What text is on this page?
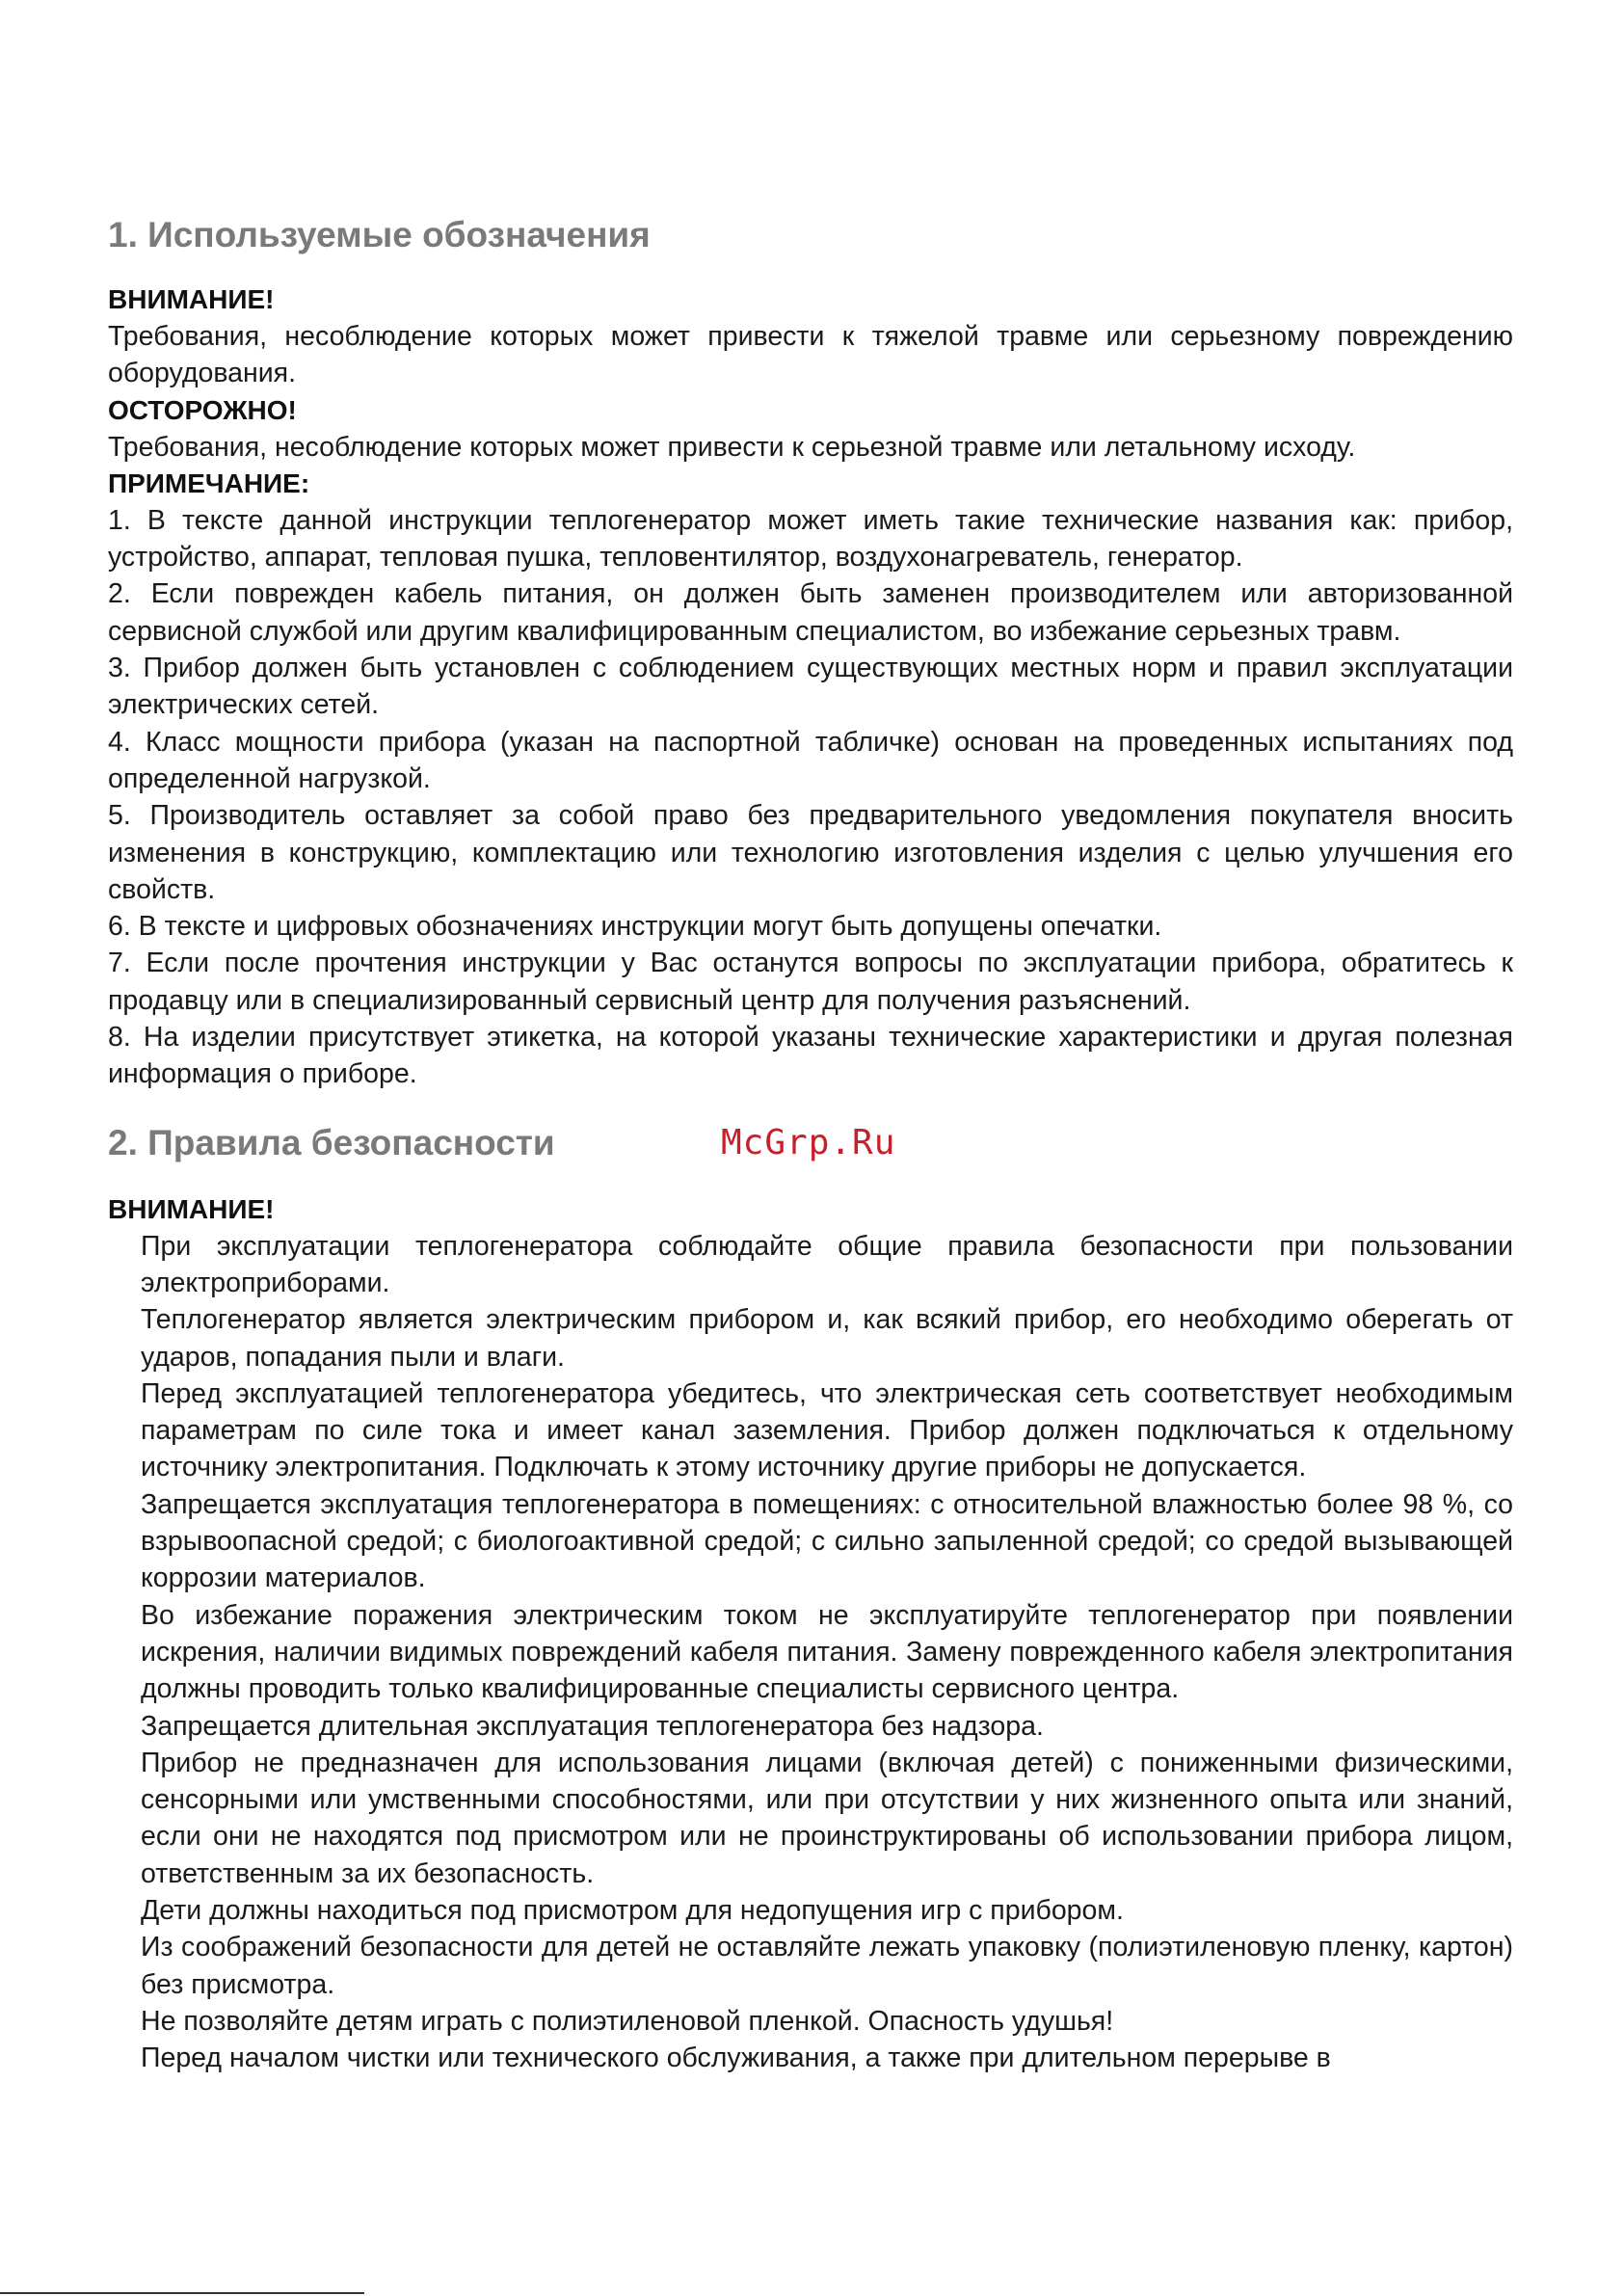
1. Используемые обозначения
ВНИМАНИЕ!

Требования, несоблюдение которых может привести к тяжелой травме или серьезному повреждению оборудования.

ОСТОРОЖНО!

Требования, несоблюдение которых может привести к серьезной травме или летальному исходу.

ПРИМЕЧАНИЕ:

1. В тексте данной инструкции теплогенератор может иметь такие технические названия как: прибор, устройство, аппарат, тепловая пушка, тепловентилятор, воздухонагреватель, генератор.

2. Если поврежден кабель питания, он должен быть заменен производителем или авторизованной сервисной службой или другим квалифицированным специалистом, во избежание серьезных травм.

3. Прибор должен быть установлен с соблюдением существующих местных норм и правил эксплуатации электрических сетей.

4. Класс мощности прибора (указан на паспортной табличке) основан на проведенных испытаниях под определенной нагрузкой.

5. Производитель оставляет за собой право без предварительного уведомления покупателя вносить изменения в конструкцию, комплектацию или технологию изготовления изделия с целью улучшения его свойств.

6. В тексте и цифровых обозначениях инструкции могут быть допущены опечатки.

7. Если после прочтения инструкции у Вас останутся вопросы по эксплуатации прибора, обратитесь к продавцу или в специализированный сервисный центр для получения разъяснений.

8. На изделии присутствует этикетка, на которой указаны технические характеристики и другая полезная информация о приборе.

2. Правила безопасности
ВНИМАНИЕ!

При эксплуатации теплогенератора соблюдайте общие правила безопасности при пользовании электроприборами.

Теплогенератор является электрическим прибором и, как всякий прибор, его необходимо оберегать от ударов, попадания пыли и влаги.

Перед эксплуатацией теплогенератора убедитесь, что электрическая сеть соответствует необходимым параметрам по силе тока и имеет канал заземления. Прибор должен подключаться к отдельному источнику электропитания. Подключать к этому источнику другие приборы не допускается.

Запрещается эксплуатация теплогенератора в помещениях: с относительной влажностью более 98 %, со взрывоопасной средой; с биологоактивной средой; с сильно запыленной средой; со средой вызывающей коррозии материалов.

Во избежание поражения электрическим током не эксплуатируйте теплогенератор при появлении искрения, наличии видимых повреждений кабеля питания. Замену поврежденного кабеля электропитания должны проводить только квалифицированные специалисты сервисного центра.

Запрещается длительная эксплуатация теплогенератора без надзора.

Прибор не предназначен для использования лицами (включая детей) с пониженными физическими, сенсорными или умственными способностями, или при отсутствии у них жизненного опыта или знаний, если они не находятся под присмотром или не проинструктированы об использовании прибора лицом, ответственным за их безопасность.

Дети должны находиться под присмотром для недопущения игр с прибором.

Из соображений безопасности для детей не оставляйте лежать упаковку (полиэтиленовую пленку, картон) без присмотра.

Не позволяйте детям играть с полиэтиленовой пленкой. Опасность удушья!

Перед началом чистки или технического обслуживания, а также при длительном перерыве в

McGrp.Ru
